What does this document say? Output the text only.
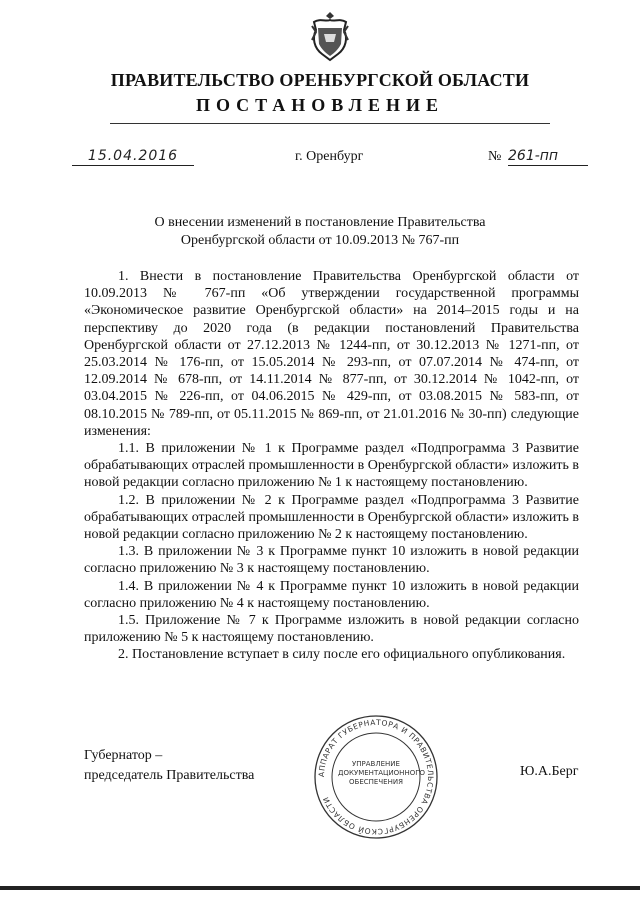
ПРАВИТЕЛЬСТВО ОРЕНБУРГСКОЙ ОБЛАСТИ
ПОСТАНОВЛЕНИЕ
15.04.2016	г. Оренбург	№ 261-пп
О внесении изменений в постановление Правительства
Оренбургской области от 10.09.2013 № 767-пп

1. Внести в постановление Правительства Оренбургской области от 10.09.2013 № 767-пп «Об утверждении государственной программы «Экономическое развитие Оренбургской области» на 2014–2015 годы и на перспективу до 2020 года (в редакции постановлений Правительства Оренбургской области от 27.12.2013 № 1244-пп, от 30.12.2013 № 1271-пп, от 25.03.2014 № 176-пп, от 15.05.2014 № 293-пп, от 07.07.2014 № 474-пп, от 12.09.2014 № 678-пп, от 14.11.2014 № 877-пп, от 30.12.2014 № 1042-пп, от 03.04.2015 № 226-пп, от 04.06.2015 № 429-пп, от 03.08.2015 № 583-пп, от 08.10.2015 № 789-пп, от 05.11.2015 № 869-пп, от 21.01.2016 № 30-пп) следующие изменения:

1.1. В приложении № 1 к Программе раздел «Подпрограмма 3 Развитие обрабатывающих отраслей промышленности в Оренбургской области» изложить в новой редакции согласно приложению № 1 к настоящему постановлению.

1.2. В приложении № 2 к Программе раздел «Подпрограмма 3 Развитие обрабатывающих отраслей промышленности в Оренбургской области» изложить в новой редакции согласно приложению № 2 к настоящему постановлению.

1.3. В приложении № 3 к Программе пункт 10 изложить в новой редакции согласно приложению № 3 к настоящему постановлению.

1.4. В приложении № 4 к Программе пункт 10 изложить в новой редакции согласно приложению № 4 к настоящему постановлению.

1.5. Приложение № 7 к Программе изложить в новой редакции согласно приложению № 5 к настоящему постановлению.

2. Постановление вступает в силу после его официального опубликования.

Губернатор –
председатель Правительства	АППАРАТ ГУБЕРНАТОРА И ПРАВИТЕЛЬСТВА ОРЕНБУРГСКОЙ ОБЛАСТИ
УПРАВЛЕНИЕ
ДОКУМЕНТАЦИОННОГО
ОБЕСПЕЧЕНИЯ
Ю.А.Берг
